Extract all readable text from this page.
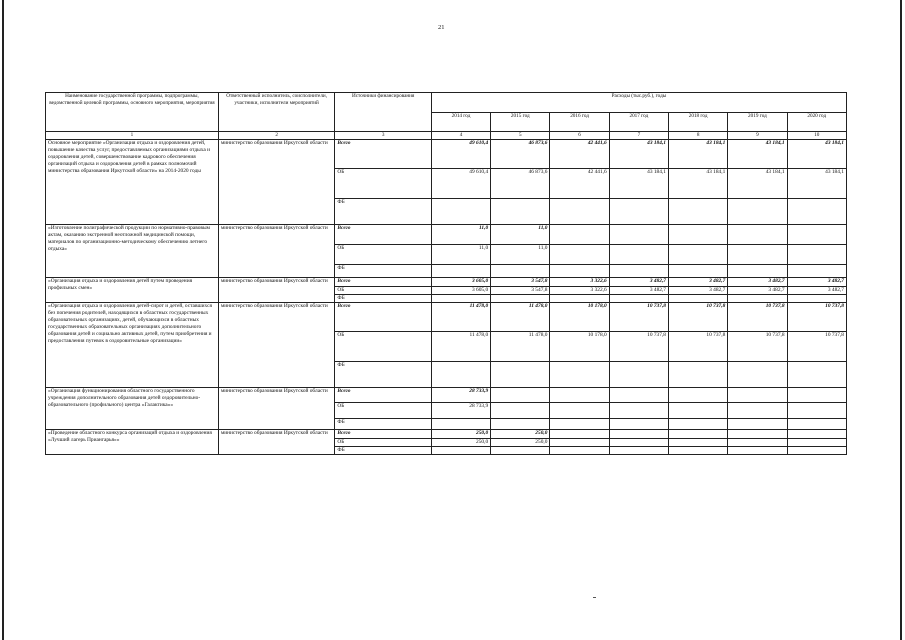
21
Наименование государственной программы, подпрограммы, ведомственной целевой программы, основного мероприятия, мероприятия	Ответственный исполнитель, соисполнители, участники, исполнители мероприятий	Источники финансирования	Расходы (тыс.руб.), годы						
			2014 год	2015 год	2016 год	2017 год	2018 год	2019 год	2020 год
1	2	3	4	5	6	7	8	9	10
Основное мероприятие «Организация отдыха и оздоровления детей, повышение качества услуг, предоставляемых организациями отдыха и оздоровления детей, совершенствование кадрового обеспечения организаций отдыха и оздоровления детей в рамках полномочий министерства образования Иркутской области» на 2014-2020 годы	министерство образования Иркутской области	Всего	49 610,4	46 873,6	42 441,6	43 184,1	43 184,1	43 184,1	43 184,1
		ОБ	49 610,4	46 873,6	42 441,6	43 184,1	43 184,1	43 184,1	43 184,1
		ФБ							
«Изготовление полиграфической продукции по нормативно-правовым актам, оказанию экстренной неотложной медицинской помощи, материалов по организационно-методическому обеспечению летнего отдыха»	министерство образования Иркутской области	Всего	11,0	11,0					
		ОБ	11,0	11,0					
		ФБ							
«Организация отдыха и оздоровления детей путем проведения профильных смен»	министерство образования Иркутской области	Всего	3 605,0	3 547,8	3 322,6	3 482,7	3 482,7	3 482,7	3 482,7
		ОБ	3 605,0	3 547,8	3 322,6	3 482,7	3 482,7	3 482,7	3 482,7
		ФБ							
«Организация отдыха и оздоровления детей-сирот и детей, оставшихся без попечения родителей, находящихся в областных государственных образовательных организациях, детей, обучающихся в областных государственных образовательных организациях дополнительного образования детей и социально активных детей, путем приобретения и предоставления путевок в оздоровительные организации»	министерство образования Иркутской области	Всего	11 478,0	11 478,0	10 178,0	10 737,8	10 737,8	10 737,8	10 737,8
		ОБ	11 478,0	11 478,0	10 178,0	10 737,8	10 737,8	10 737,8	10 737,8
		ФБ							
«Организация функционирования областного государственного учреждения дополнительного образования детей оздоровительно-образовательного (профильного) центра «Галактика»»	министерство образования Иркутской области	Всего	28 733,9						
		ОБ	28 733,9						
		ФБ							
«Проведение областного конкурса организаций отдыха и оздоровления «Лучший лагерь Приангарья»»	министерство образования Иркутской области	Всего	250,0	250,0					
		ОБ	250,0	250,0					
		ФБ							
